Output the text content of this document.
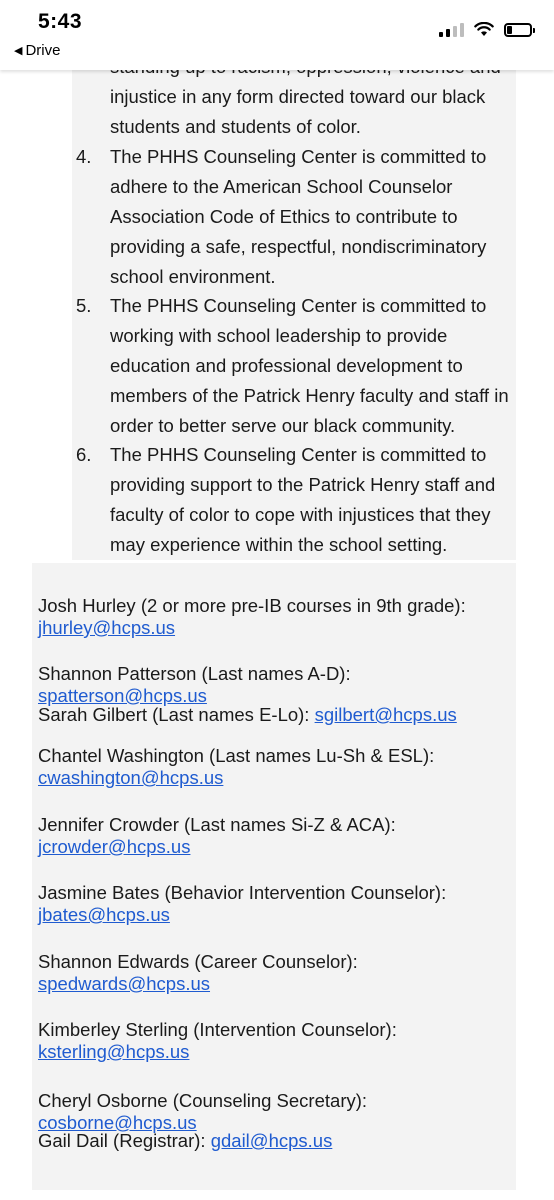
injustice in any form directed toward our black
students and students of color.
4. The PHHS Counseling Center is committed to
adhere to the American School Counselor
Association Code of Ethics to contribute to
providing a safe, respectful, nondiscriminatory
school environment.
5. The PHHS Counseling Center is committed to
working with school leadership to provide
education and professional development to
members of the Patrick Henry faculty and staff in
order to better serve our black community.
6. The PHHS Counseling Center is committed to
providing support to the Patrick Henry staff and
faculty of color to cope with injustices that they
may experience within the school setting.
Josh Hurley (2 or more pre-IB courses in 9th grade):
jhurley@hcps.us
Shannon Patterson (Last names A-D): spatterson@hcps.us
Sarah Gilbert (Last names E-Lo): sgilbert@hcps.us
Chantel Washington (Last names Lu-Sh & ESL):
cwashington@hcps.us
Jennifer Crowder (Last names Si-Z & ACA):
jcrowder@hcps.us
Jasmine Bates (Behavior Intervention Counselor):
jbates@hcps.us
Shannon Edwards (Career Counselor):
spedwards@hcps.us
Kimberley Sterling (Intervention Counselor):
ksterling@hcps.us
Cheryl Osborne (Counseling Secretary): cosborne@hcps.us
Gail Dail (Registrar): gdail@hcps.us
5:43
◀ Drive
